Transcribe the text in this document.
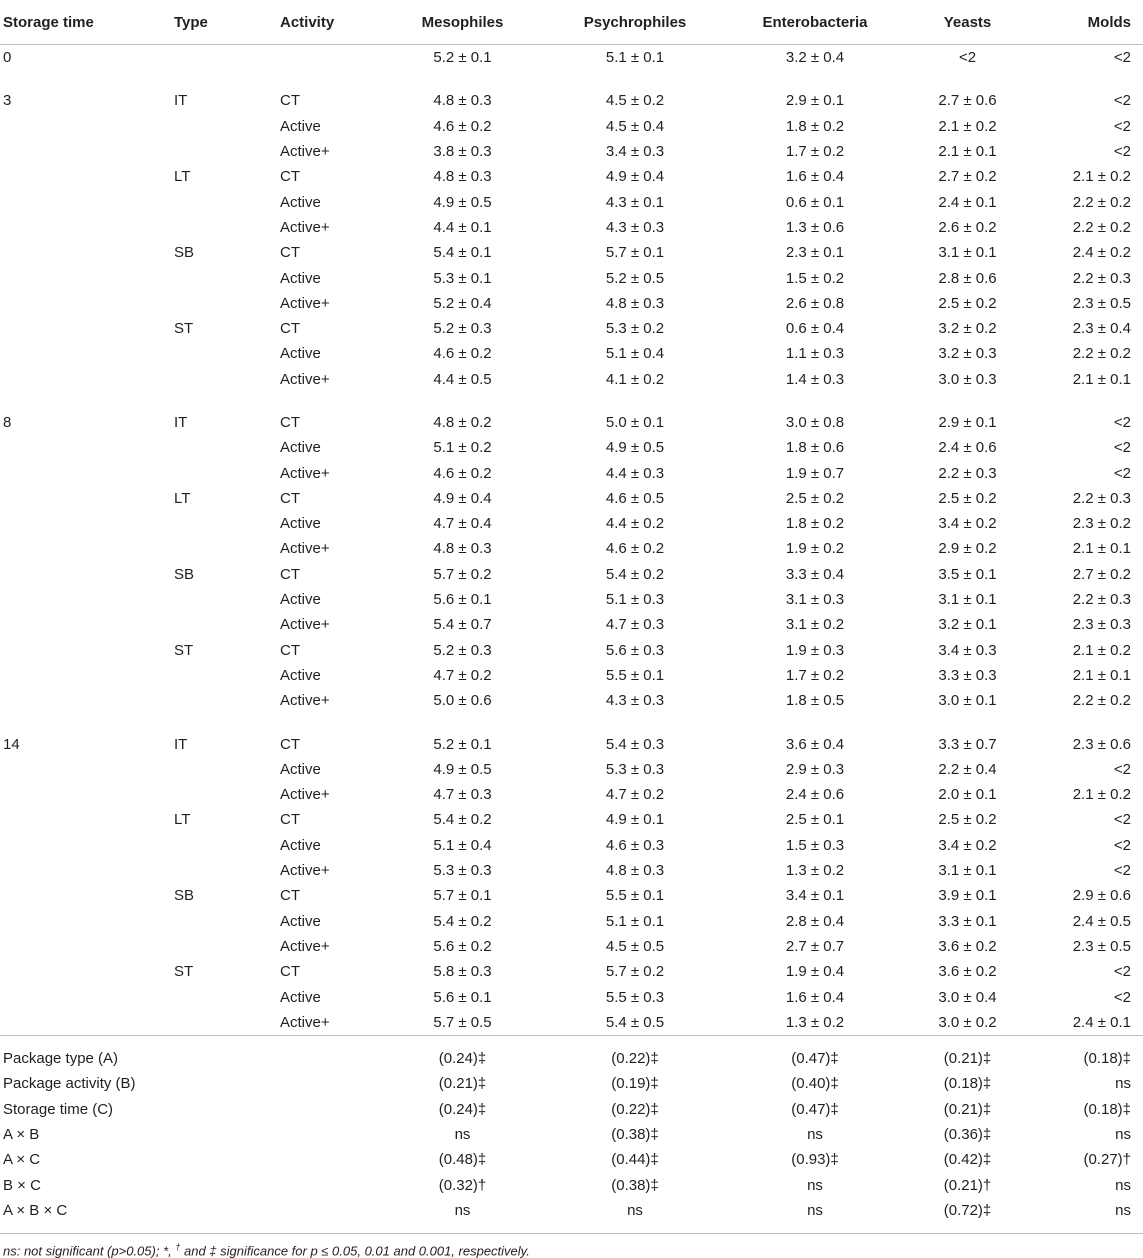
Storage time	Type	Activity	Mesophiles	Psychrophiles	Enterobacteria	Yeasts	Molds
0			5.2 ± 0.1	5.1 ± 0.1	3.2 ± 0.4	<2	<2
3	IT	CT	4.8 ± 0.3	4.5 ± 0.2	2.9 ± 0.1	2.7 ± 0.6	<2
		Active	4.6 ± 0.2	4.5 ± 0.4	1.8 ± 0.2	2.1 ± 0.2	<2
		Active+	3.8 ± 0.3	3.4 ± 0.3	1.7 ± 0.2	2.1 ± 0.1	<2
	LT	CT	4.8 ± 0.3	4.9 ± 0.4	1.6 ± 0.4	2.7 ± 0.2	2.1 ± 0.2
		Active	4.9 ± 0.5	4.3 ± 0.1	0.6 ± 0.1	2.4 ± 0.1	2.2 ± 0.2
		Active+	4.4 ± 0.1	4.3 ± 0.3	1.3 ± 0.6	2.6 ± 0.2	2.2 ± 0.2
	SB	CT	5.4 ± 0.1	5.7 ± 0.1	2.3 ± 0.1	3.1 ± 0.1	2.4 ± 0.2
		Active	5.3 ± 0.1	5.2 ± 0.5	1.5 ± 0.2	2.8 ± 0.6	2.2 ± 0.3
		Active+	5.2 ± 0.4	4.8 ± 0.3	2.6 ± 0.8	2.5 ± 0.2	2.3 ± 0.5
	ST	CT	5.2 ± 0.3	5.3 ± 0.2	0.6 ± 0.4	3.2 ± 0.2	2.3 ± 0.4
		Active	4.6 ± 0.2	5.1 ± 0.4	1.1 ± 0.3	3.2 ± 0.3	2.2 ± 0.2
		Active+	4.4 ± 0.5	4.1 ± 0.2	1.4 ± 0.3	3.0 ± 0.3	2.1 ± 0.1
8	IT	CT	4.8 ± 0.2	5.0 ± 0.1	3.0 ± 0.8	2.9 ± 0.1	<2
		Active	5.1 ± 0.2	4.9 ± 0.5	1.8 ± 0.6	2.4 ± 0.6	<2
		Active+	4.6 ± 0.2	4.4 ± 0.3	1.9 ± 0.7	2.2 ± 0.3	<2
	LT	CT	4.9 ± 0.4	4.6 ± 0.5	2.5 ± 0.2	2.5 ± 0.2	2.2 ± 0.3
		Active	4.7 ± 0.4	4.4 ± 0.2	1.8 ± 0.2	3.4 ± 0.2	2.3 ± 0.2
		Active+	4.8 ± 0.3	4.6 ± 0.2	1.9 ± 0.2	2.9 ± 0.2	2.1 ± 0.1
	SB	CT	5.7 ± 0.2	5.4 ± 0.2	3.3 ± 0.4	3.5 ± 0.1	2.7 ± 0.2
		Active	5.6 ± 0.1	5.1 ± 0.3	3.1 ± 0.3	3.1 ± 0.1	2.2 ± 0.3
		Active+	5.4 ± 0.7	4.7 ± 0.3	3.1 ± 0.2	3.2 ± 0.1	2.3 ± 0.3
	ST	CT	5.2 ± 0.3	5.6 ± 0.3	1.9 ± 0.3	3.4 ± 0.3	2.1 ± 0.2
		Active	4.7 ± 0.2	5.5 ± 0.1	1.7 ± 0.2	3.3 ± 0.3	2.1 ± 0.1
		Active+	5.0 ± 0.6	4.3 ± 0.3	1.8 ± 0.5	3.0 ± 0.1	2.2 ± 0.2
14	IT	CT	5.2 ± 0.1	5.4 ± 0.3	3.6 ± 0.4	3.3 ± 0.7	2.3 ± 0.6
		Active	4.9 ± 0.5	5.3 ± 0.3	2.9 ± 0.3	2.2 ± 0.4	<2
		Active+	4.7 ± 0.3	4.7 ± 0.2	2.4 ± 0.6	2.0 ± 0.1	2.1 ± 0.2
	LT	CT	5.4 ± 0.2	4.9 ± 0.1	2.5 ± 0.1	2.5 ± 0.2	<2
		Active	5.1 ± 0.4	4.6 ± 0.3	1.5 ± 0.3	3.4 ± 0.2	<2
		Active+	5.3 ± 0.3	4.8 ± 0.3	1.3 ± 0.2	3.1 ± 0.1	<2
	SB	CT	5.7 ± 0.1	5.5 ± 0.1	3.4 ± 0.1	3.9 ± 0.1	2.9 ± 0.6
		Active	5.4 ± 0.2	5.1 ± 0.1	2.8 ± 0.4	3.3 ± 0.1	2.4 ± 0.5
		Active+	5.6 ± 0.2	4.5 ± 0.5	2.7 ± 0.7	3.6 ± 0.2	2.3 ± 0.5
	ST	CT	5.8 ± 0.3	5.7 ± 0.2	1.9 ± 0.4	3.6 ± 0.2	<2
		Active	5.6 ± 0.1	5.5 ± 0.3	1.6 ± 0.4	3.0 ± 0.4	<2
		Active+	5.7 ± 0.5	5.4 ± 0.5	1.3 ± 0.2	3.0 ± 0.2	2.4 ± 0.1
Package type (A)			(0.24)‡	(0.22)‡	(0.47)‡	(0.21)‡	(0.18)‡
Package activity (B)			(0.21)‡	(0.19)‡	(0.40)‡	(0.18)‡	ns
Storage time (C)			(0.24)‡	(0.22)‡	(0.47)‡	(0.21)‡	(0.18)‡
A × B			ns	(0.38)‡	ns	(0.36)‡	ns
A × C			(0.48)‡	(0.44)‡	(0.93)‡	(0.42)‡	(0.27)†
B × C			(0.32)†	(0.38)‡	ns	(0.21)†	ns
A × B × C			ns	ns	ns	(0.72)‡	ns
ns: not significant (p>0.05); *, † and ‡ significance for p ≤ 0.05, 0.01 and 0.001, respectively.
